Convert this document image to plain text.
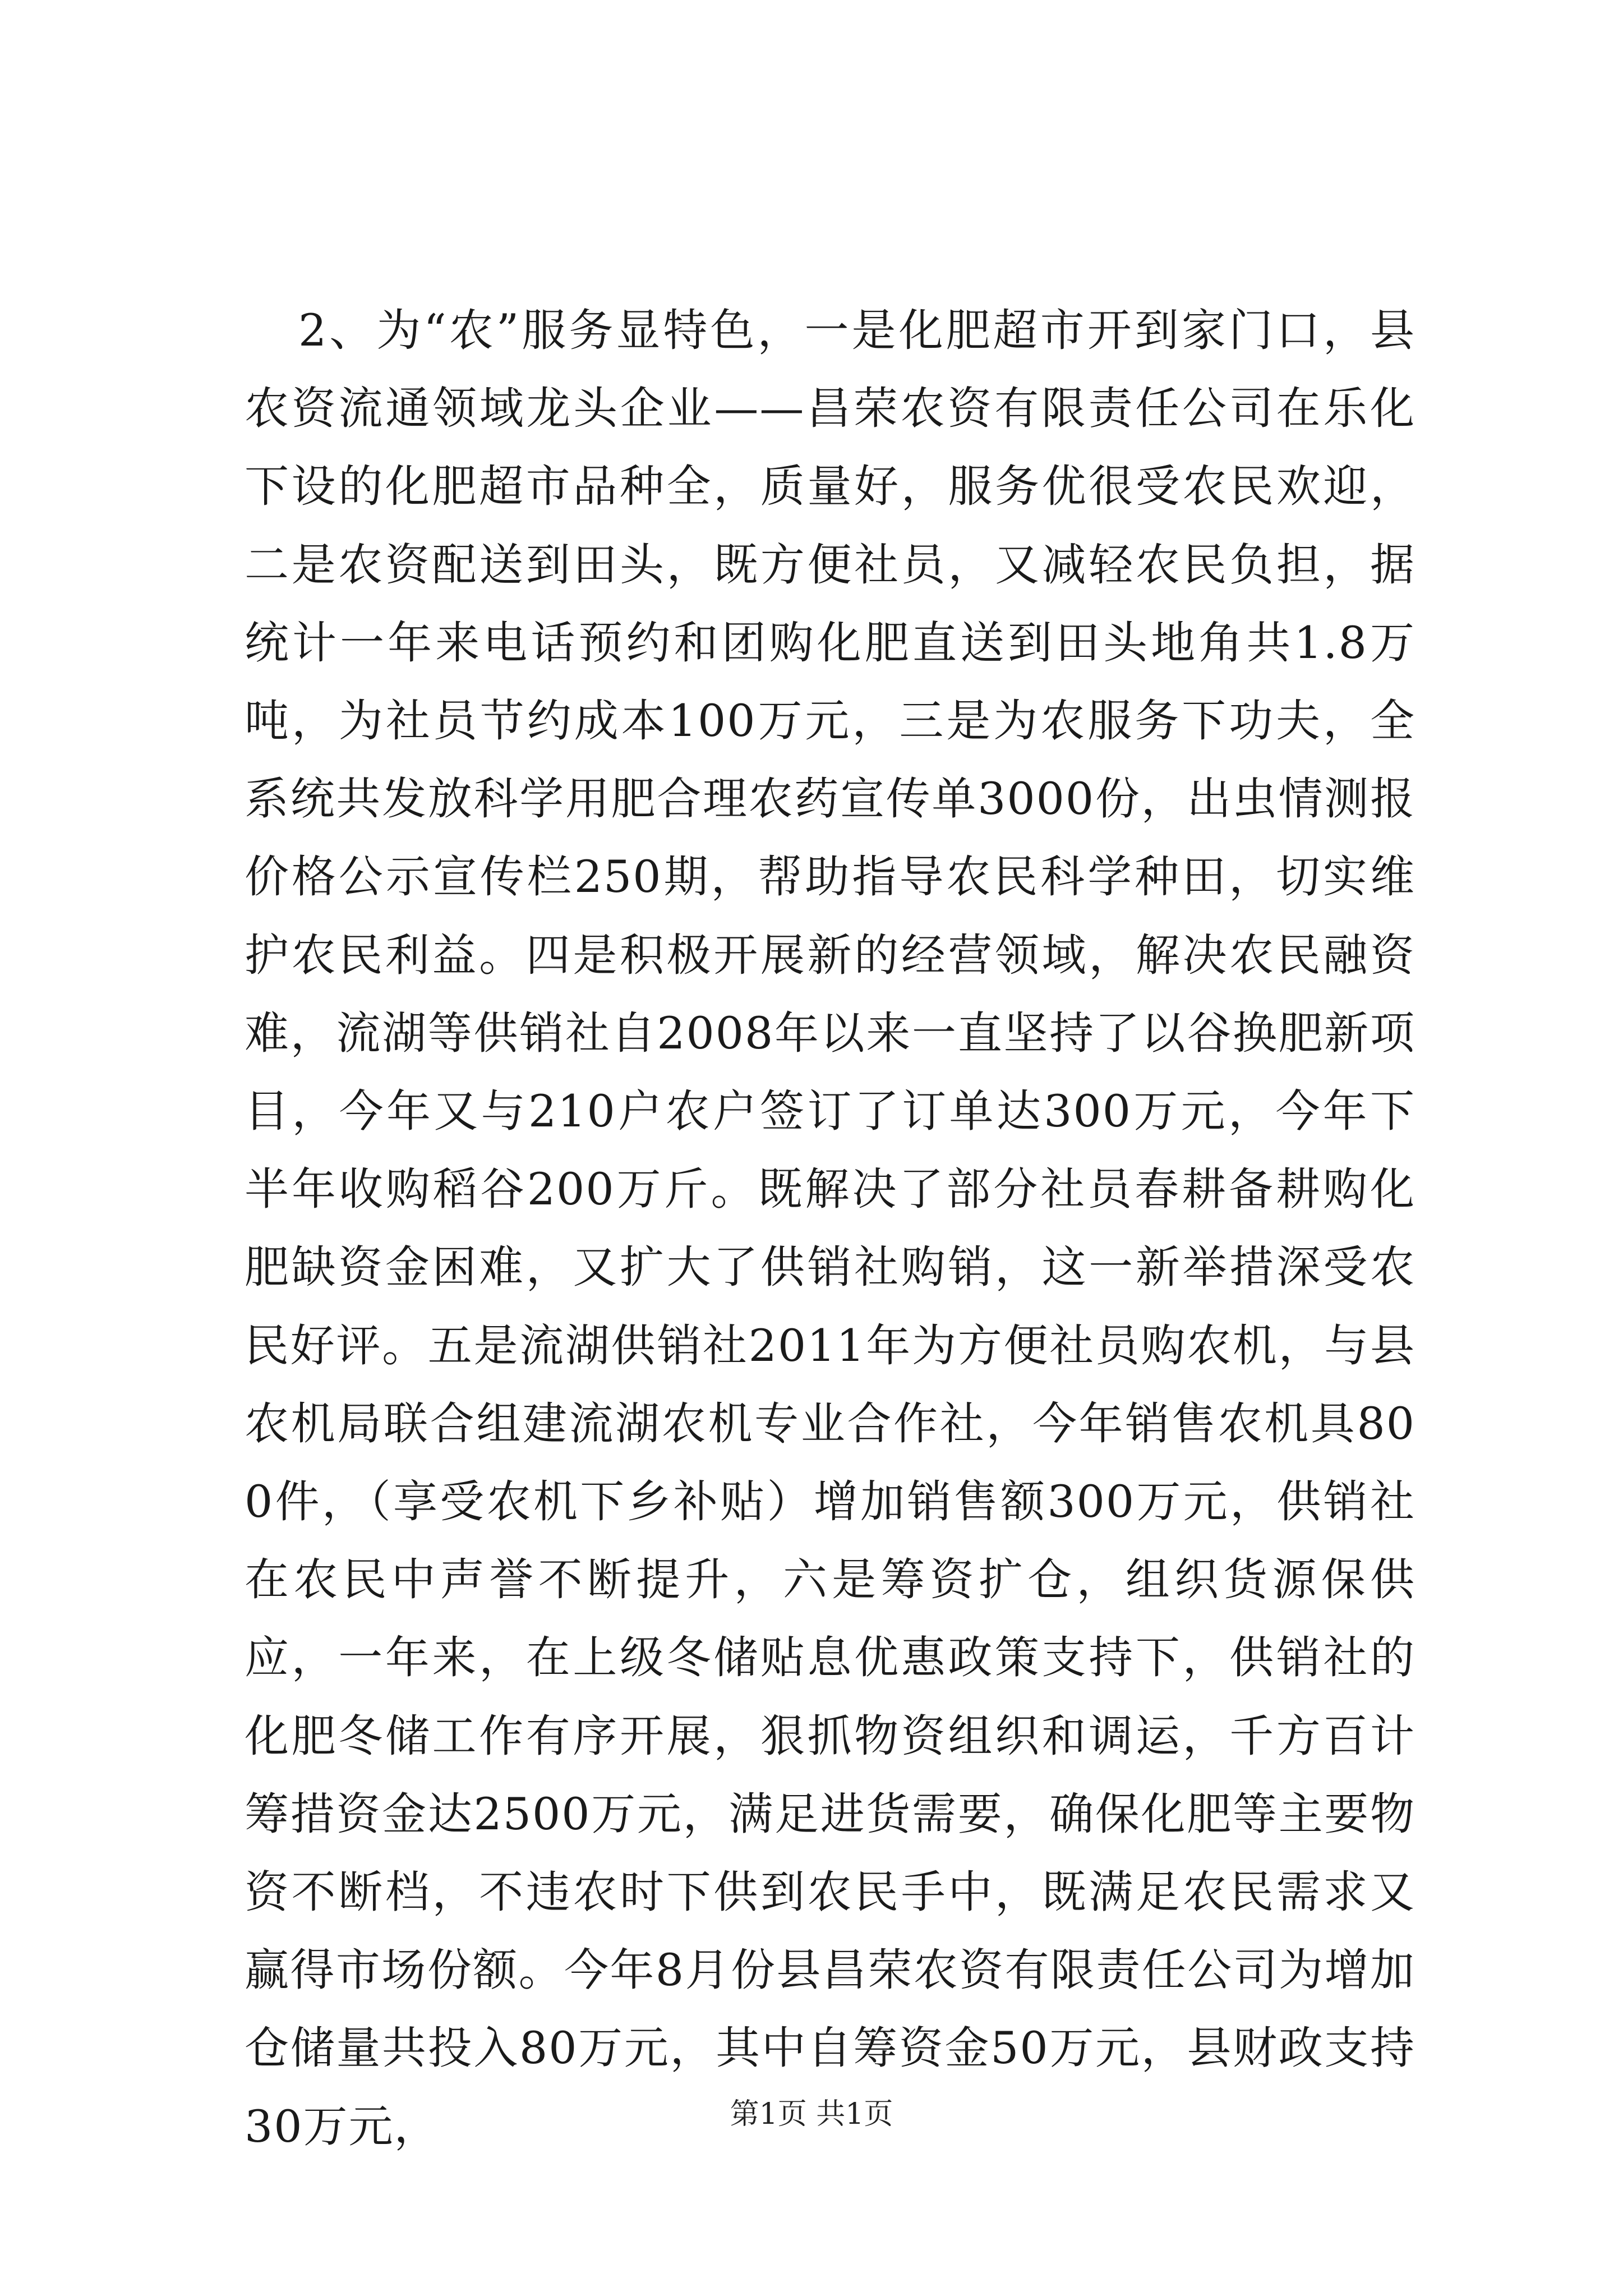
2、为“农”服务显特色，一是化肥超市开到家门口，县农资流通领域龙头企业——昌荣农资有限责任公司在乐化下设的化肥超市品种全，质量好，服务优很受农民欢迎，二是农资配送到田头，既方便社员，又减轻农民负担，据统计一年来电话预约和团购化肥直送到田头地角共1.8万吨，为社员节约成本100万元，三是为农服务下功夫，全系统共发放科学用肥合理农药宣传单3000份，出虫情测报价格公示宣传栏250期，帮助指导农民科学种田，切实维护农民利益。四是积极开展新的经营领域，解决农民融资难，流湖等供销社自2008年以来一直坚持了以谷换肥新项目，今年又与210户农户签订了订单达300万元，今年下半年收购稻谷200万斤。既解决了部分社员春耕备耕购化肥缺资金困难，又扩大了供销社购销，这一新举措深受农民好评。五是流湖供销社2011年为方便社员购农机，与县农机局联合组建流湖农机专业合作社，今年销售农机具800件，（享受农机下乡补贴）增加销售额300万元，供销社在农民中声誉不断提升，六是筹资扩仓，组织货源保供应，一年来，在上级冬储贴息优惠政策支持下，供销社的化肥冬储工作有序开展，狠抓物资组织和调运，千方百计筹措资金达2500万元，满足进货需要，确保化肥等主要物资不断档，不违农时下供到农民手中，既满足农民需求又赢得市场份额。今年8月份县昌荣农资有限责任公司为增加仓储量共投入80万元，其中自筹资金50万元，县财政支持30万元，	第1页 共1页
